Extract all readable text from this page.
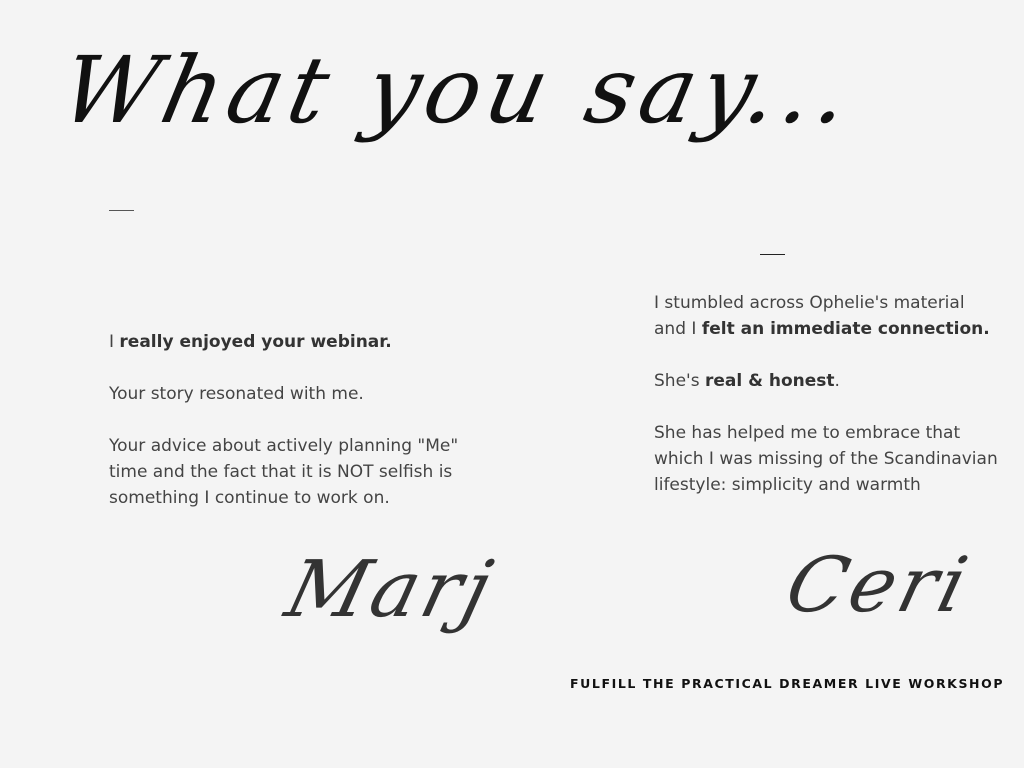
What you say...

I really enjoyed your webinar.

Your story resonated with me.

Your advice about actively planning "Me" time and the fact that it is NOT selfish is something I continue to work on.

I stumbled across Ophelie's material and I felt an immediate connection.

She's real & honest.

She has helped me to embrace that which I was missing of the Scandinavian lifestyle: simplicity and warmth

Marj	Ceri
FULFILL THE PRACTICAL DREAMER LIVE WORKSHOP
